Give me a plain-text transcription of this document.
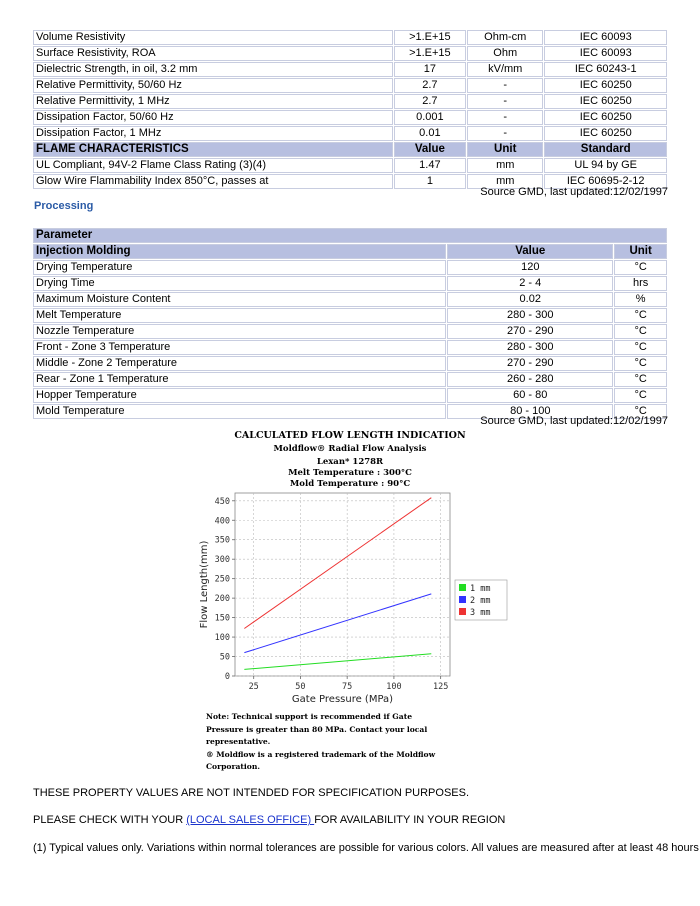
Volume Resistivity	>1.E+15	Ohm-cm	IEC 60093
Surface Resistivity, ROA	>1.E+15	Ohm	IEC 60093
Dielectric Strength, in oil, 3.2 mm	17	kV/mm	IEC 60243-1
Relative Permittivity, 50/60 Hz	2.7	-	IEC 60250
Relative Permittivity, 1 MHz	2.7	-	IEC 60250
Dissipation Factor, 50/60 Hz	0.001	-	IEC 60250
Dissipation Factor, 1 MHz	0.01	-	IEC 60250
FLAME CHARACTERISTICS	Value	Unit	Standard
UL Compliant, 94V-2 Flame Class Rating (3)(4)	1.47	mm	UL 94 by GE
Glow Wire Flammability Index 850°C, passes at	1	mm	IEC 60695-2-12
Source GMD, last updated:12/02/1997
Processing
Parameter		
Injection Molding	Value	Unit
Drying Temperature	120	°C
Drying Time	2 - 4	hrs
Maximum Moisture Content	0.02	%
Melt Temperature	280 - 300	°C
Nozzle Temperature	270 - 290	°C
Front - Zone 3 Temperature	280 - 300	°C
Middle - Zone 2 Temperature	270 - 290	°C
Rear - Zone 1 Temperature	260 - 280	°C
Hopper Temperature	60 - 80	°C
Mold Temperature	80 - 100	°C
Source GMD, last updated:12/02/1997
CALCULATED FLOW LENGTH INDICATION
Moldflow® Radial Flow Analysis
Lexan* 1278R
Melt Temperature : 300°C
Mold Temperature : 90°C
0
50
100
150
200
250
300
350
400
450
25	50	75	100	125
Gate Pressure (MPa)
Flow Length(mm)	1 mm
2 mm
3 mm
Note: Technical support is recommended if Gate
Pressure is greater than 80 MPa. Contact your local
representative.
® Moldflow is a registered trademark of the Moldflow
Corporation.
THESE PROPERTY VALUES ARE NOT INTENDED FOR SPECIFICATION PURPOSES.
PLEASE CHECK WITH YOUR (LOCAL SALES OFFICE) FOR AVAILABILITY IN YOUR REGION
(1) Typical values only. Variations within normal tolerances are possible for various colors. All values are measured after at least 48 hours
